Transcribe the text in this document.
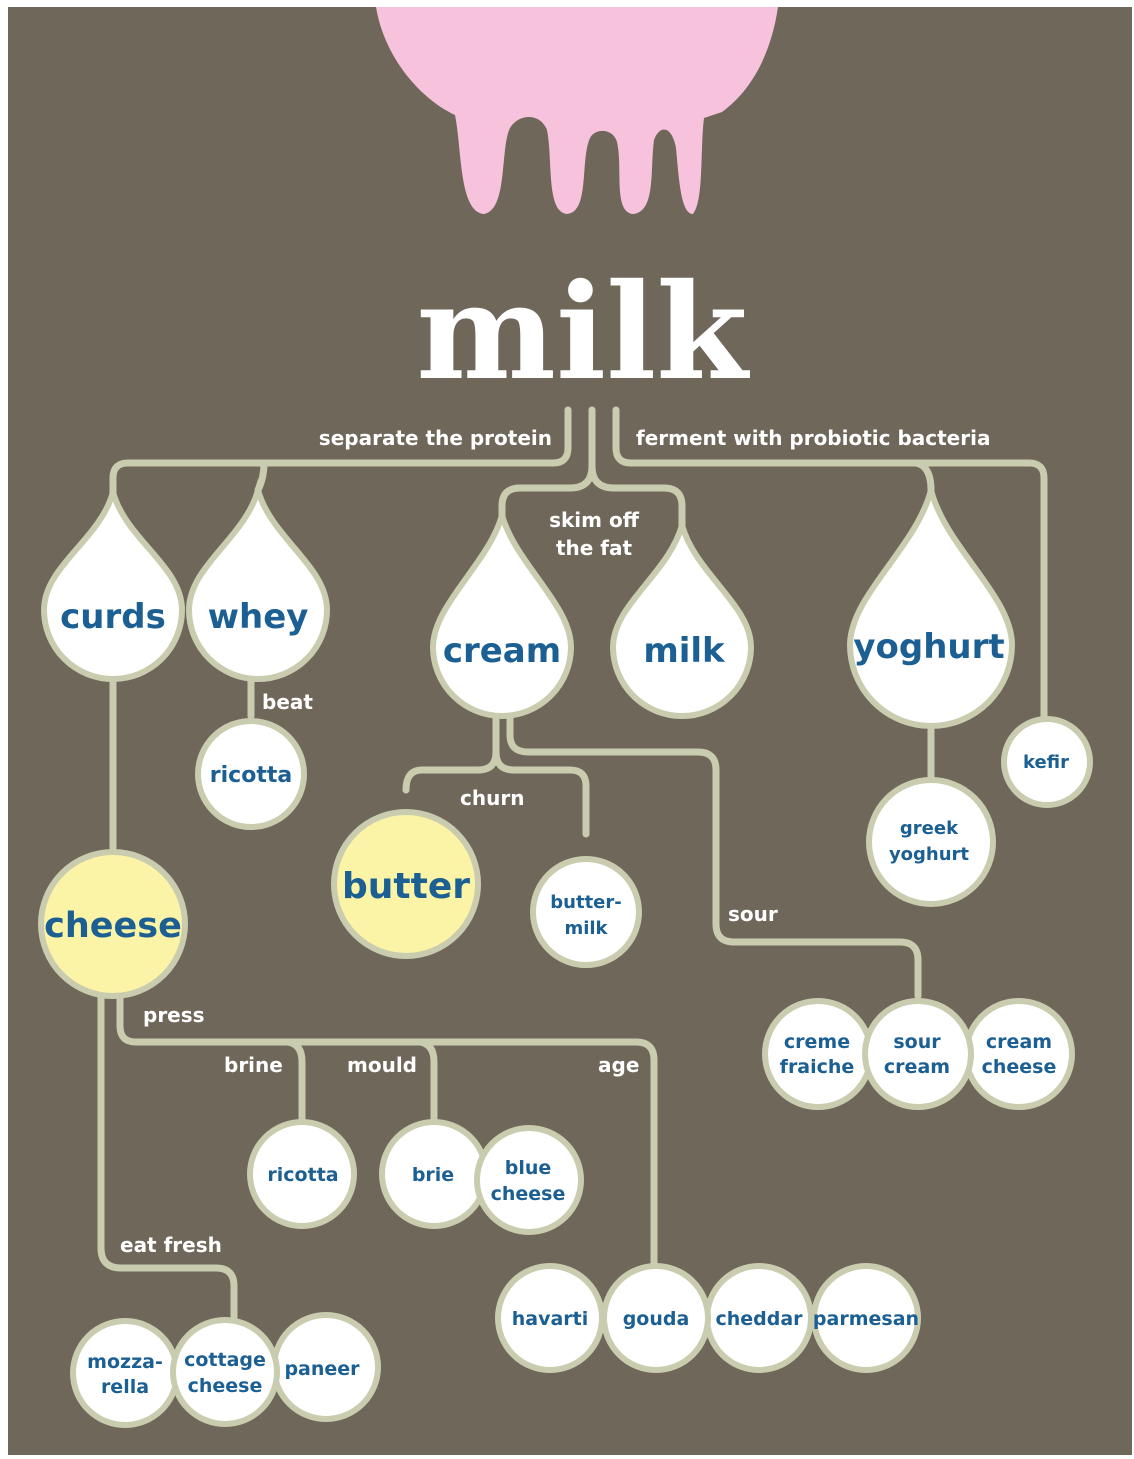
milk
separate the protein	ferment with probiotic bacteria
skim off
the fat
beat
churn
sour
press
brine	mould	age
eat fresh
curds whey
cream milk	yoghurt
ricotta
butter	butter-
milk
greek
yoghurt
kefir
cheese
creme
fraiche
sour
cream
cream
cheese
ricotta	brie	blue
cheese
havarti gouda cheddar parmesan
mozza-
rella
cottage
cheese
paneer
